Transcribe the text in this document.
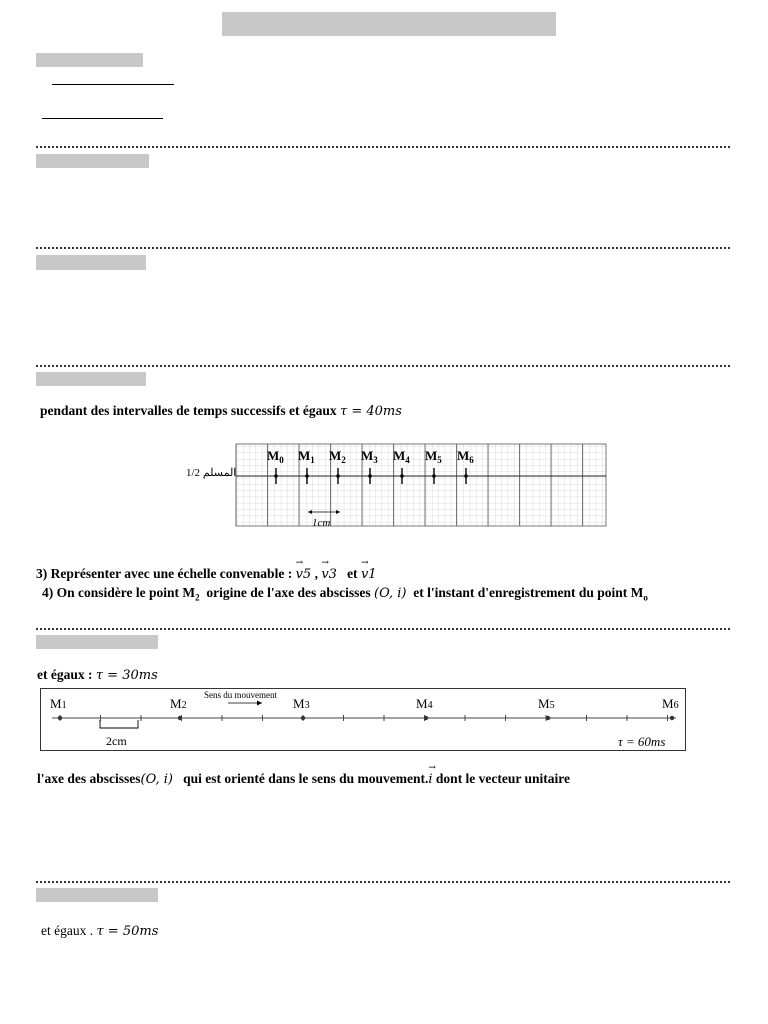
pendant des intervalles de temps successifs et égaux τ = 40ms
المسلم 1/2
$M_0$ $M_1$ $M_2$ $M_3$ $M_4$ $M_5$ $M_6$
1cm
3) Représenter avec une échelle convenable : → v5 , → v3 et → v1
4) On considère le point $M_2$ origine de l'axe des abscisses (O, i) et l'instant d'enregistrement du point $M_o$
et égaux : τ = 30ms
M1	M2	M3	M4	M5	M6
Sens du mouvement
2cm	τ = 60ms
l'axe des abscisses(O, i) qui est orienté dans le sens du mouvement.→ i dont le vecteur unitaire
et égaux . τ = 50ms
